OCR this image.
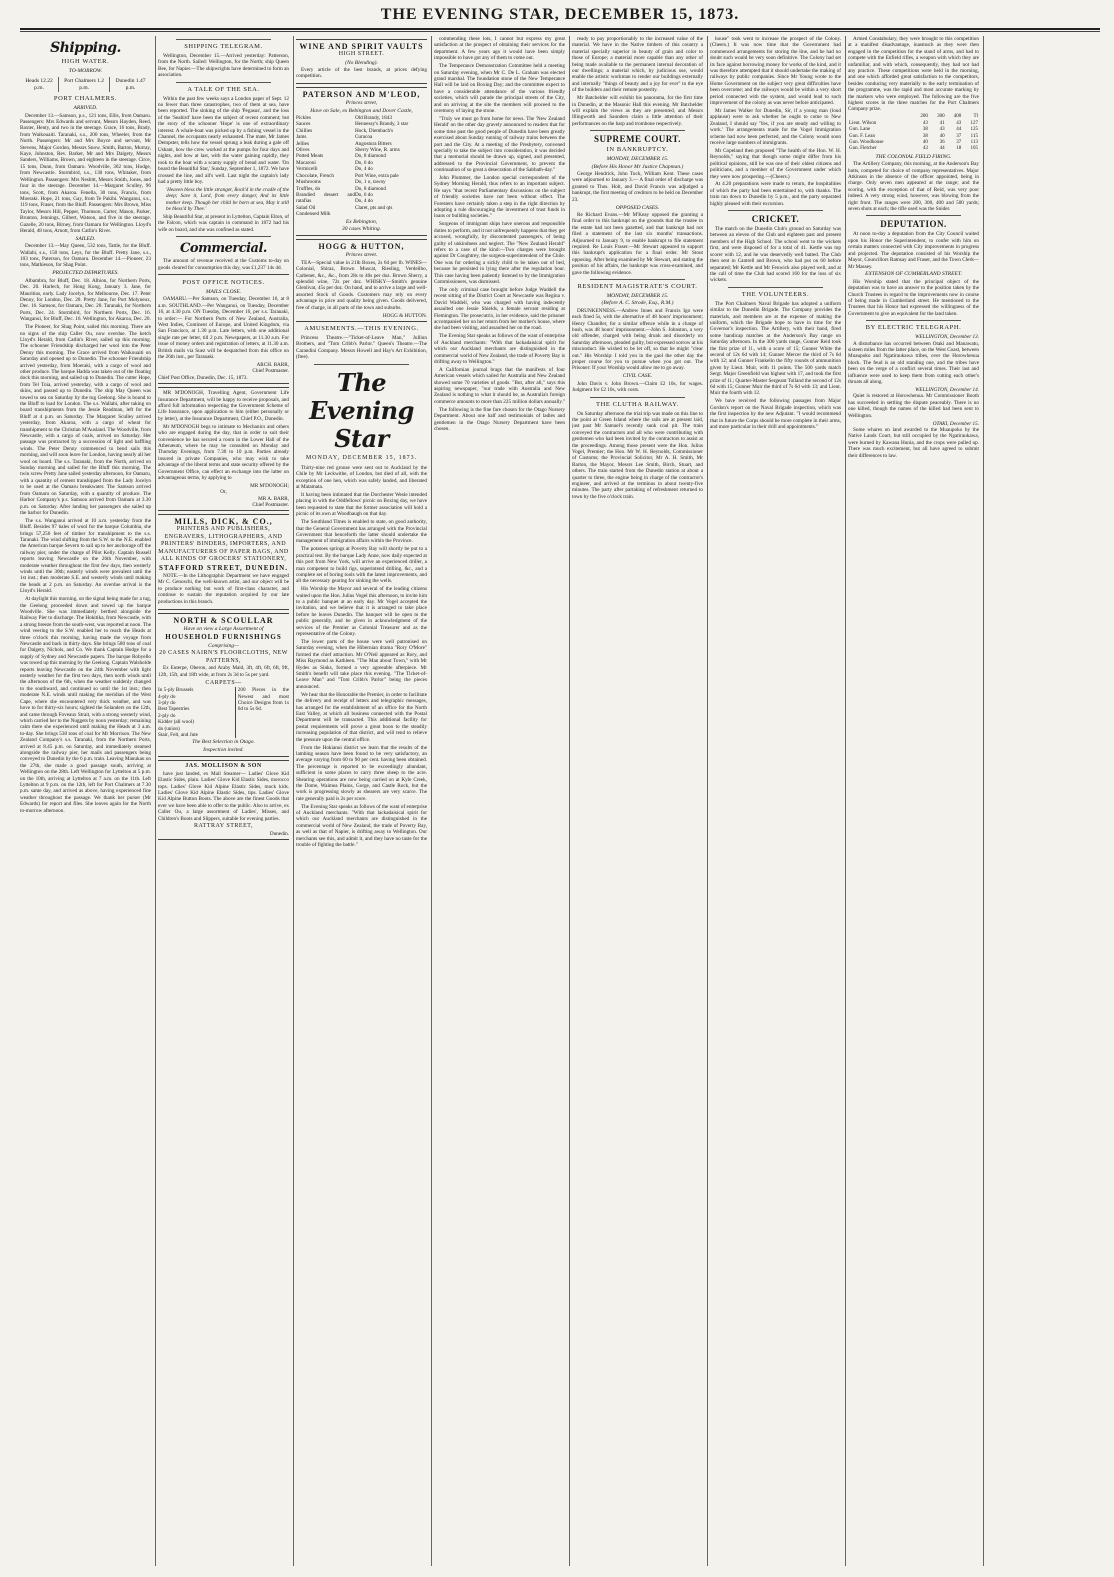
THE EVENING STAR, DECEMBER 15, 1873.
Shipping.
HIGH WATER.
TO-MORROW.
Heads 12.22 p.m.	Port Chalmers 1.2 p.m.	Dunedin 1.47 p.m.
PORT CHALMERS.
ARRIVED.

December 13.—Samson, p.s., 121 tons, Ellis, from Oamaru. Passengers: Mrs Edwards and servant, Messrs Hayden, Reed, Baxter, Henty, and two in the steerage. Grace, 16 tons, Brady, from Waikouaiti. Taranaki, s.s., 200 tons, Wheeler, from the North. Passengers: Mr and Mrs Boyce and servant, Mr Stevens, Major Gordon, Messrs Snow, Smith, Barton, Murray, Kaye, Johnston, Rev. Barker, Mr and Mrs Dalgety, Messrs Sanders, Williams, Brown, and eighteen in the steerage. Circe, 15 tons, Dunn, from Oamaru. Woodville, 302 tons, Hodge, from Newcastle. Stormbird, s.s., 130 tons, Whitaker, from Wellington. Passengers: Mrs Nesbitt, Messrs Smith, Jones, and four in the steerage. December 14.—Margaret Sculley, 96 tons, Scott, from Akaroa. Fenella, 30 tons, Francis, from Moeraki. Hope, 21 tons, Gay, from Te Pakihi. Wanganui, s.s., 119 tons, Fraser, from the Bluff. Passengers: Mrs Brown, Miss Taylor, Messrs Hill, Pepper, Thomson, Carter, Mason, Parker, Brunton, Jennings, Gilbert, Watson, and five in the steerage. Gazelle, 20 tons, Birney, from Oamaru for Wellington. Lloyd's Herald, 48 tons, Arnott, from Catlin's River.

SAILED.

December 13.—May Queen, 532 tons, Tattle, for the Bluff. Wallabi, s.s., 150 tons, Leys, for the Bluff. Pretty Jane, s.s., 103 tons, Paterson, for Oamaru. December 14.—Pioneer, 23 tons, Mathieson, for Shag Point.

PROJECTED DEPARTURES.

Albambra, for Bluff, Dec. 18. Alhion, for Northern Ports, Dec. 20. Harlech, for Hong Kong, January 3. Jane, for Mauritius, early. Lady Jocelyn, for Melbourne, Dec. 17. Peter Denny, for London, Dec. 20. Pretty Jane, for Port Molyneux, Dec. 16. Samson, for Oamaru, Dec. 20. Taranaki, for Northern Ports, Dec. 24. Stormbird, for Northern Ports, Dec. 16. Wanganui, for Bluff, Dec. 16. Wellington, for Akaroa, Dec. 20.

The Pioneer, for Shag Point, sailed this morning. There are no signs of the ship Caller Ou, now overdue. The ketch Lloyd's Herald, from Catlin's River, sailed up this morning. The schooner Friendship discharged her wool into the Peter Denny this morning. The Grace arrived from Waikouaiti on Saturday and opened up to Dunedin. The schooner Friendship arrived yesterday, from Moeraki, with a cargo of wool and other produce. The barque Hadda was taken out of the floating dock this morning, and sailed up to Dunedin. The cutter Hope, from Tel Toia, arrived yesterday, with a cargo of wool and skins, and passed up to Dunedin. The ship May Queen was towed to sea on Saturday by the tug Geelong. She is bound to the Bluff to load for London. The s.s. Wallabi, after taking on board transhipments from the Jessie Readman, left for the Bluff at 4 p.m. on Saturday. The Margaret Sculley arrived yesterday, from Akaroa, with a cargo of wheat for transhipment to the Christian M'Ausland. The Woodville, from Newcastle, with a cargo of coals, arrived on Saturday. Her passage was protracted by a succession of light and baffling winds. The Peter Denny commenced to bend sails this morning, and will soon leave for London, having nearly all her wool on board. The s.s. Taranaki, from the North, arrived on Sunday morning and sailed for the Bluff this morning. The twin screw Pretty Jane sailed yesterday afternoon, for Oamaru, with a quantity of cement transhipped from the Lady Jocelyn to be used at the Oamaru breakwater. The Samson arrived from Oamaru on Saturday, with a quantity of produce. The Harbor Company's p.s. Samson arrived from Oamaru at 3.30 p.m. on Saturday. After landing her passengers she sailed up the harbor for Dunedin.

The s.s. Wanganui arrived at 10 a.m. yesterday from the Bluff. Besides 97 bales of wool for the barque Columbia, she brings 57,256 feet of timber for transhipment to the s.s. Taranaki. The wind shifting from the S.W. to the N.E. enabled the American barque Severn to sail up to her anchorage off the railway pier, under the charge of Pilot Kelly. Captain Russell reports leaving Newcastle on the 26th November, with moderate weather throughout the first few days, then westerly winds until the 30th; easterly winds were prevalent until the 1st inst.; then moderate S.E. and westerly winds until making the heads at 2 p.m. on Saturday. An overdue arrival is the Lloyd's Herald.

At daylight this morning, on the signal being made for a tug, the Geelong proceeded down and towed up the barque Woodville. She was immediately berthed alongside the Railway Pier to discharge. The Hokitika, from Newcastle, with a strong breeze from the south-west, was reported at noon. The wind veering to the S.W. enabled her to reach the Heads at three o'clock this morning, having made the voyage from Newcastle and back in thirty days. She brings 580 tons of coal for Dalgety, Nichols, and Co. We thank Captain Hodge for a supply of Sydney and Newcastle papers. The barque Robyello was towed up this morning by the Geelong. Captain Walsholde reports leaving Newcastle on the 24th November with light easterly weather for the first two days, then north winds until the afternoon of the 6th, when the weather suddenly changed to the southward, and continued so until the 1st inst.; then moderate N.E. winds until making the meridian of the West Cape, where she encountered very thick weather, and was hove to for thirty-six hours; sighted the Solanders on the 12th, and came through Foveaux Strait, with a strong westerly wind, which carried her to the Nuggets by noon yesterday; remaining calm there she experienced until making the Heads at 3 a.m. to-day. She brings 530 tons of coal for Mr Morrison. The New Zealand Company's s.s. Taranaki, from the Northern Ports, arrived at 8.45 p.m. on Saturday, and immediately steamed alongside the railway pier, her mails and passengers being conveyed to Dunedin by the 6 p.m. train. Leaving Manukau on the 27th, she made a good passage south, arriving at Wellington on the 28th. Left Wellington for Lyttelton at 5 p.m. on the 10th, arriving at Lyttelton at 7 a.m. on the 11th. Left Lyttelton at 9 p.m. on the 12th, left for Port Chalmers at 7.30 p.m. same day, and arrived as above, having experienced fine weather throughout the passage. We thank her purser (Mr Edwards) for report and files. She leaves again for the North to-morrow afternoon.

SHIPPING TELEGRAM.

Wellington, December 15.—Arrived yesterday: Patterson, from the North. Sailed: Wellington, for the North; ship Queen Bee, for Napier.—The shipwrights have determined to form an association.

A TALE OF THE SEA.

Within the past few weeks says a London paper of Sept. 12 no fewer than three catastrophes, two of them at sea, have been reported. The sinking of the ship 'Pegasus', and the loss of the 'Seabird' have been the subject of recent comment; but the story of the schooner 'Hope' is one of extraordinary interest. A whale-boat was picked up by a fishing vessel in the Channel, the occupants nearly exhausted. The mate, Mr James Dempster, tells how the vessel sprung a leak during a gale off Ushant, how the crew worked at the pumps for four days and nights, and how at last, with the water gaining rapidly, they took to the boat with a scanty supply of bread and water. 'On board the Beautiful Star,' Sunday, September 1, 1872. We have crossed the line, and all's well. Last night the captain's lady had a pretty little boy.

'Heaven bless the little stranger, Rock'd in the cradle of the deep; Save it, Lord, from every danger, And its little mother keep. Though her child be born at sea, May it still be bless'd by Thee.'

Ship Beautiful Star, at present in Lyttelton, Captain Elton, of the Falcon, which was captain in command in 1872 had his wife on board, and she was confined as stated.

Commercial.

The amount of revenue received at the Customs to-day on goods cleared for consumption this day, was £1,237 14s 4d.

POST OFFICE NOTICES.
MAILS CLOSE.

OAMARU.—Per Samson, on Tuesday, December 16, at 8 a.m. SOUTHLAND.—Per Wanganui, on Tuesday, December 16, at 4.30 p.m. ON Tuesday, December 16, per s.s. Taranaki, to order:— For Northern Ports of New Zealand, Australia, West Indies, Continent of Europe, and United Kingdom, via San Francisco, at 1.30 p.m. Late letters, with one additional single rate per letter, till 2 p.m. Newspapers, at 11.30 a.m. For issue of money orders and registration of letters, at 11.30 a.m. British mails via Suez will be despatched from this office on the 26th inst., per Taranaki.

ARCH. BARR,
Chief Postmaster.
Chief Post Office, Dunedin, Dec. 15, 1873.

MR M'DONOGH, Travelling Agent, Government Life Insurance Department, will be happy to receive proposals, and afford full information respecting the Government Scheme of Life Insurance, upon application to him (either personally or by letter), at the Insurance Department, Chief P.O., Dunedin.

Mr M'DONOGH begs to intimate to Mechanics and others who are engaged during the day, that in order to suit their convenience he has secured a room in the Lower Hall of the Athenæum, where he may be consulted on Monday and Thursday Evenings, from 7.30 to 10 p.m. Parties already insured in private Companies, who may wish to take advantage of the liberal terms and state security offered by the Government Office, can effect an exchange into the latter on advantageous terms, by applying to

MR M'DONOGH;
Or,
MR A. BARR,
Chief Postmaster.
MILLS, DICK, & CO.,
PRINTERS AND PUBLISHERS, ENGRAVERS, LITHOGRAPHERS, AND PRINTERS' BINDERS, IMPORTERS, AND MANUFACTURERS OF PAPER BAGS, AND ALL KINDS OF GROCERS' STATIONERY,
STAFFORD STREET, DUNEDIN.

NOTE.—In the Lithographic Department we have engaged Mr C. Genoschi, the well-known artist, and our object will be to produce nothing but work of first-class character, and continue to sustain the reputation acquired by our late productions in this branch.

NORTH & SCOULLAR
Have on view a Large Assortment of
HOUSEHOLD FURNISHINGS
Comprising—
20 CASES NAIRN'S FLOORCLOTHS, NEW PATTERNS,

Ex Euterpe, Oberon, and Araby Maid, 3ft, 4ft, 6ft, 6ft, 9ft, 12ft, 15ft, and 18ft wide, at from 2s 3d to 5s per yard.

CARPETS—
In 5-ply Brussels
4-ply do
3-ply do
Best Tapestries
2-ply do
Kidder (all wool)
do (union)
Stair, Felt, and Jute
200 Pieces in the Newest and most Choice Designs from 1s 6d to 5s 6d.
The Best Selection in Otago.
Inspection invited.
JAS. MOLLISON & SON

have just landed, ex Mail Steamer— Ladies' Glove Kid Elastic Sides, plain. Ladies' Glove Kid Elastic Sides, morocco tops. Ladies' Glove Kid Alpine Elastic Sides, mock kids. Ladies' Glove Kid Alpine Elastic Sides, tips. Ladies' Glove Kid Alpine Button Boots. The above are the finest Goods that ever we have been able to offer to the public. Also to arrive, ex Caller Ou, a large assortment of Ladies', Misses, and Children's Boots and Slippers, suitable for evening parties.

RATTRAY STREET,
Dunedin.
WINE AND SPIRIT VAULTS
HIGH STREET.
(No Blending).

Every article of the best brands, at prices defying competition.

PATERSON AND M'LEOD,
Princes street,
Have on Sale, ex Bebington and Dover Castle,
Pickles
Sauces
Chillies
Jams
Jellies
Olives
Potted Meats
Macaroni
Vermicelli
Chocolate, French
Mushrooms
Truffles, do
Brandied dessert and ratafias
Salad Oil
Condensed Milk
Old Brandy, 1843
Hennessy's Brandy, 3 star
Hock, Diembach's
Curacoa
Angostura Bitters
Sherry Wine, R. arms
Do, 8 diamond
Do, 6 do
Do, 4 do
Port Wine, extra pale
Do, 1 o, tawny
Do, 8 diamond
Do, 6 do
Do, 4 do
Claret, pts and qts
Ex Bebington,
30 cases Whiting.
HOGG & HUTTON,
Princes street.

TEA—Special value in 21lb Boxes, 2s 6d per lb. WINES—Colonial, Shiraz, Brown Muscat, Riesling, Verdeilho, Carbenet, &c., &c., from 28s to 40s per doz. Brown Sherry, a splendid wine, 72s per doz. WHISKY—Smith's genuine Glenlivat, 45s per doz. On hand, and to arrive a large and well-assorted Stock of Goods. Customers may rely on every advantage in price and quality being given. Goods delivered, free of charge, in all parts of the town and suburbs.

HOGG & HUTTON.
AMUSEMENTS.—THIS EVENING.

Princess Theatre.—"Ticket-of-Leave Man," Julliun Brothers, and "Tom Cribb's Parlor." Queen's Theatre.—The Carandini Company. Messrs Howell and Hay's Art Exhibition, (free).

The Evening Star
MONDAY, DECEMBER 15, 1873.

Thirty-nine red grouse were sent out to Auckland by the Chile by Mr Leckwithe, of London, but died of all, with the exception of one hen, which was safely landed, and liberated at Matamata.

It having been intimated that the Dorchester Wesle intended placing in with the Oddfellows' picnic on Boxing day, we have been requested to state that the former association will hold a picnic of its own at Woodhaugh on that day.

The Southland Times is enabled to state, on good authority, that the General Government has arranged with the Provincial Government that henceforth the latter should undertake the management of immigration affairs within the Province.

The potatoes springs at Poverty Bay will shortly be put to a practical test. By the barque Lady Anne, now daily expected at this port from New York, will arrive an experienced driller, a man competent to build rigs, superintend drilling, &c., and a complete set of boring tools with the latest improvements, and all the necessary gearing for sinking the wells.

His Worship the Mayor and several of the leading citizens waited upon the Hon. Julius Vogel this afternoon, to invite him to a public banquet at an early day. Mr Vogel accepted the invitation, and we believe that it is arranged to take place before he leaves Dunedin. The banquet will be open to the public generally, and be given in acknowledgment of the services of the Premier as Colonial Treasurer and as the representative of the Colony.

The lower parts of the house were well patronised on Saturday evening, when the Hibernian drama "Rory O'More" formed the chief attraction. Mr O'Neil appeared as Rory, and Miss Raymond as Kathleen. "The Man about Town," with Mr Hydes as Sinks, formed a very agreeable afterpiece. Mr Smith's benefit will take place this evening. "The Ticket-of-Leave Man" and "Tom Cribb's Parlor" being the pieces announced.

We hear that the Honorable the Premier, in order to facilitate the delivery and receipt of letters and telegraphic messages, has arranged for the establishment of an office for the North East Valley, at which all business connected with the Postal Department will be transacted. This additional facility for postal requirements will prove a great boon to the steadily increasing population of that district, and will tend to relieve the pressure upon the central office.

From the Hokianui district we learn that the results of the lambing season have been found to be very satisfactory, an average varying from 60 to 90 per cent. having been obtained. The percentage is reported to be exceedingly abundant, sufficient in some places to carry three sheep to the acre. Shearing operations are now being carried on at Kyle Creek, the Dome, Waimea Plains, Gorge, and Castle Rock, but the work is progressing slowly as shearers are very scarce. The rate generally paid is 2s per score.

The Evening Star speaks as follows of the want of enterprise of Auckland merchants. "With that lackadaisical spirit for which our Auckland merchants are distinguished in the commercial world of New Zealand, the trade of Poverty Bay, as well as that of Napier, is drifting away to Wellington. Our merchants see this, and admit it, and they have no taste for the trouble of fighting the battle."

commending these lots, I cannot but express my great satisfaction at the prospect of obtaining their services for the department. A few years ago it would have been simply impossible to have got any of them to come out.

The Temperance Demonstration Committee held a meeting on Saturday evening, when Mr C. De L. Graham was elected grand marshal. The foundation stone of the New Temperance Hall will be laid on Boxing Day; and the committee expect to have a considerable attendance of the various friendly societies, which will parade the principal streets of the City, and on arriving at the site the members will proceed to the ceremony of laying the stone.

"Truly we must go from home for news. The 'New Zealand Herald' on the other day gravely announced to readers that for some time past the good people of Dunedin have been greatly exercised about Sunday running of railway trains between the port and the City. At a meeting of the Presbytery, convened specially to take the subject into consideration, it was decided that a memorial should be drawn up, signed, and presented, addressed to the Provincial Government, to prevent the continuation of so great a desecration of the Sabbath-day."

John Plummer, the London special correspondent of the Sydney Morning Herald, thus refers to an important subject. He says "that recent Parliamentary discussions on the subject of friendly societies have not been without effect. The Foresters have certainly taken a step in the right direction by adopting a rule discouraging the investment of trust funds in loans or building societies."

Surgeons of immigrant ships have onerous and responsible duties to perform, and it not unfrequently happens that they get accused, wrongfully, by discontented passengers, of being guilty of unkindness and neglect. The "New Zealand Herald" refers to a case of the kind:—Two charges were brought against Dr Coughtrey, the surgeon-superintendent of the Chile. One was for ordering a sickly child to be taken out of bed, because he persisted in lying there after the regulation hour. This case having been patiently listened to by the Immigration Commissioners, was dismissed.

The only criminal case brought before Judge Waddell the recent sitting of the District Court at Newcastle was Regina v. David Waddell, who was charged with having indecently assaulted one Jessie Shields, a female servant residing at Flemington. The prosecutrix, in her evidence, said the prisoner accompanied her on her return from her mother's house, where she had been visiting, and assaulted her on the road.

The Evening Star speaks as follows of the want of enterprise of Auckland merchants: "With that lackadaisical spirit for which our Auckland merchants are distinguished in the commercial world of New Zealand, the trade of Poverty Bay is drifting away to Wellington."

A Californian journal brags that the manifests of four American vessels which sailed for Australia and New Zealand showed some 70 varieties of goods. "But, after all," says this aspiring newspaper, "our trade with Australia and New Zealand is nothing to what it should be, as Australia's foreign commerce amounts to more than 225 million dollars annually."

The following is the fine fare chosen for the Otago Nursery Department. About one half and testimonials of ladies and gentlemen in the Otago Nursery Department have been chosen.

ready to pay proportionably to the increased value of the material. We have in the Native timbers of this country a material specially superior in beauty of grain and color to those of Europe; a material more capable than any other of being made available to the permanent internal decoration of our dwellings; a material which, by judicious use, would enable the artistic workman to render our buildings externally and internally "things of beauty and a joy for ever" to the eye of the builders and their remote posterity.

Mr Batchelder will exhibit his panorama, for the first time in Dunedin, at the Masonic Hall this evening. Mr Batchelder will explain the views as they are presented, and Messrs Illingworth and Saunders claim a little attention of their performances on the harp and trombone respectively.

SUPREME COURT.
IN BANKRUPTCY.
MONDAY, DECEMBER 15.
(Before His Honor Mr Justice Chapman.)

George Hendrick, John Tuck, William Kent. These cases were adjourned to January 3.— A final order of discharge was granted to Thos. Holt, and David Francis was adjudged a bankrupt, the first meeting of creditors to be held on December 23.

OPPOSED CASES.

Re Richard Evans.—Mr M'Keay opposed the granting a final order to this bankrupt on the grounds that the trustee in the estate had not been gazetted, and that bankrupt had not filed a statement of the last six months' transactions. Adjourned to January 9, to enable bankrupt to file statement required. Re Louis Fraser.—Mr Stewart appeared to support this bankrupt's application for a final order. Mr Stout opposing. After being examined by Mr Stewart, and stating the position of his affairs, the bankrupt was cross-examined, and gave the following evidence.

RESIDENT MAGISTRATE'S COURT.
MONDAY, DECEMBER 15.
(Before A. C. Strode, Esq., R.M.)

DRUNKENNESS.—Andrew Innes and Francis Igo were each fined 5s, with the alternative of 48 hours' imprisonment; Henry Chandler, for a similar offence while in a charge of bush, was 48 hours' imprisonment.—John S. Johnston, a very old offender, charged with being drunk and disorderly on Saturday afternoon, pleaded guilty, but expressed sorrow at his misconduct. He wished to be let off, so that he might "clear out." His Worship: I told you in the gaol the other day the proper course for you to pursue when you got out. The Prisoner: If your Worship would allow me to go away.

CIVIL CASE.

John Davis v. John Brown.—Claim £2 10s, for wages. Judgment for £2 10s, with costs.

THE CLUTHA RAILWAY.

On Saturday afternoon the trial trip was made on this line to the point at Green Island where the rails are at present laid, just past Mr Samuel's recently sunk coal pit. The train conveyed the contractors and all who were contributing with gentlemen who had been invited by the contractors to assist at the proceedings. Among those present were the Hon. Julius Vogel, Premier; the Hon. Mr W. H. Reynolds, Commissioner of Customs; the Provincial Solicitor, Mr A. H. Smith, Mr Barton, the Mayor, Messrs Lee Smith, Birch, Stuart, and others. The train started from the Dunedin station at about a quarter to three, the engine being in charge of the contractor's engineer, and arrived at the terminus in about twenty-five minutes. The party after partaking of refreshment returned to town by the five o'clock train.

house" took went to increase the prospect of the Colony. (Cheers.) It was now time that the Government had commenced arrangements for storing the line, and he had no doubt such would be very soon definitive. The Colony had set its face against borrowing money for works of the kind, and it was therefore attempted that it should undertake the making of railways by public companies. Since Mr Young wrote to the Home Government on the subject very great difficulties have been overcome; and the railways would be within a very short period connected with the system, and would lead to such improvement of the colony as was never before anticipated.

Mr James Walker for Dunedin, Sir, if a young man (loud applause) were to ask whether he ought to come to New Zealand, I should say 'Yes, if you are steady and willing to work.' The arrangements made for the Vogel Immigration scheme had now been perfected, and the Colony would soon receive large numbers of immigrants.

Mr Copeland then proposed "The health of the Hon. W. H. Reynolds," saying that though some might differ from his political opinions, still he was one of their oldest citizens and politicians, and a member of the Government under which they were now prospering.—(Cheers.)

At 4.20 preparations were made to return, the hospitalities of which the party had been entertained to, with thanks. The train ran down to Dunedin by 5 p.m., and the party separated highly pleased with their excursion.

CRICKET.

The match on the Dunedin Club's ground on Saturday was between an eleven of the Club and eighteen past and present members of the High School. The school went to the wickets first, and were disposed of for a total of 41. Kettle was top scorer with 12, and he was deservedly well batted. The Club then sent in Cantrell and Brown, who had put on 60 before separated; Mr Kettle and Mr Fenwick also played well, and at the call of time the Club had scored 160 for the loss of six wickets.

THE VOLUNTEERS.

The Port Chalmers Naval Brigade has adopted a uniform similar to the Dunedin Brigade. The Company provides the materials, and members are at the expense of making the uniform, which the Brigade hope to have in time for the Governor's inspection. The Artillery, with their band, fired some handicap matches at the Anderson's Bay range on Saturday afternoon. In the 300 yards range, Gunner Reid took the first prize of 1l., with a score of 15; Gunner White the second of 12s 6d with 14; Gunner Mercer the third of 7s 6d with 12; and Gunner Frankelin the fifty rounds of ammunition given by Lieut. Muir, with 11 points. The 500 yards match Sergt. Major Greenfield was highest with 17, and took the first prize of 1l.; Quarter-Master Sergeant Tolland the second of 12s 6d with 15; Gunner Muir the third of 7s 6d with 13; and Lieut. Muir the fourth with 12.

We have received the following passages from Major Gordon's report on the Naval Brigade inspection, which was the first inspection by the new Adjutant. "I would recommend that in future the Corps should be more complete in their arms, and more particular in their drill and appointments."

Armed Constabulary, they were brought to this competition at a manifest disadvantage, inasmuch as they were then engaged in the competition for the stand of arms, and had to compete with the Enfield rifles, a weapon with which they are unfamiliar, and with which, consequently, they had not had any practice. These competitions were held in the morning, and one which afforded great satisfaction to the competitors, besides conducing very materially to the early termination of the programme, was the rapid and most accurate marking by the markers who were employed. The following are the five highest scores in the three matches for the Port Chalmers Company prize.

	200	300	400	Tl
Lieut. Wilson	43	41	43	127
Gun. Lane	38	43	44	125
Gun. F. Lean	38	40	37	115
Gun. Woodhouse	40	36	37	113
Gun. Fletcher	43	44	18	105
THE COLONIAL FIELD FIRING.

The Artillery Company, this morning, at the Anderson's Bay butts, competed for choice of company representatives. Major Atkinson in the absence of the officer appointed, being in charge. Only seven men appeared at the range; and the scoring, with the exception of that of Reid, was very poor indeed. A very strong wind, however, was blowing from the right front. The ranges were 200, 300, 400 and 500 yards; seven shots at each; the rifle used was the Snider.

DEPUTATION.

At noon to-day a deputation from the City Council waited upon his Honor the Superintendent, to confer with him on certain matters connected with City improvements in progress and projected. The deputation consisted of his Worship the Mayor, Councillors Ramsay and Fraser, and the Town Clerk—Mr Massey.

EXTENSION OF CUMBERLAND STREET.

His Worship stated that the principal object of the deputation was to have an answer to the position taken by the Church Trustees in regard to the improvements now in course of being made in Cumberland street. He mentioned to the Trustees that his Honor had expressed the willingness of the Government to give an equivalent for the land taken.

BY ELECTRIC TELEGRAPH.
WELLINGTON, December 13.

A disturbance has occurred between Otaki and Manawatu, sixteen miles from the latter place, on the West Coast, between Muaupoko and Ngatiraukawa tribes, over the Horowhenua block. The feud is an old standing one, and the tribes have been on the verge of a conflict several times. Their last and influence were used to keep them from cutting each other's throats all along.

WELLINGTON, December 14.

Quiet is restored at Horowhenua. Mr Commissioner Booth has succeeded in settling the dispute peaceably. There is no one killed, though the names of the killed had been sent to Wellington.

OTAKI, December 15.

Some whares on land awarded to the Muaupoko by the Native Lands Court, but still occupied by the Ngatiraukawa, were burned by Kawana Hunia, and the crops were pulled up. There was much excitement, but all have agreed to submit their differences to law.
